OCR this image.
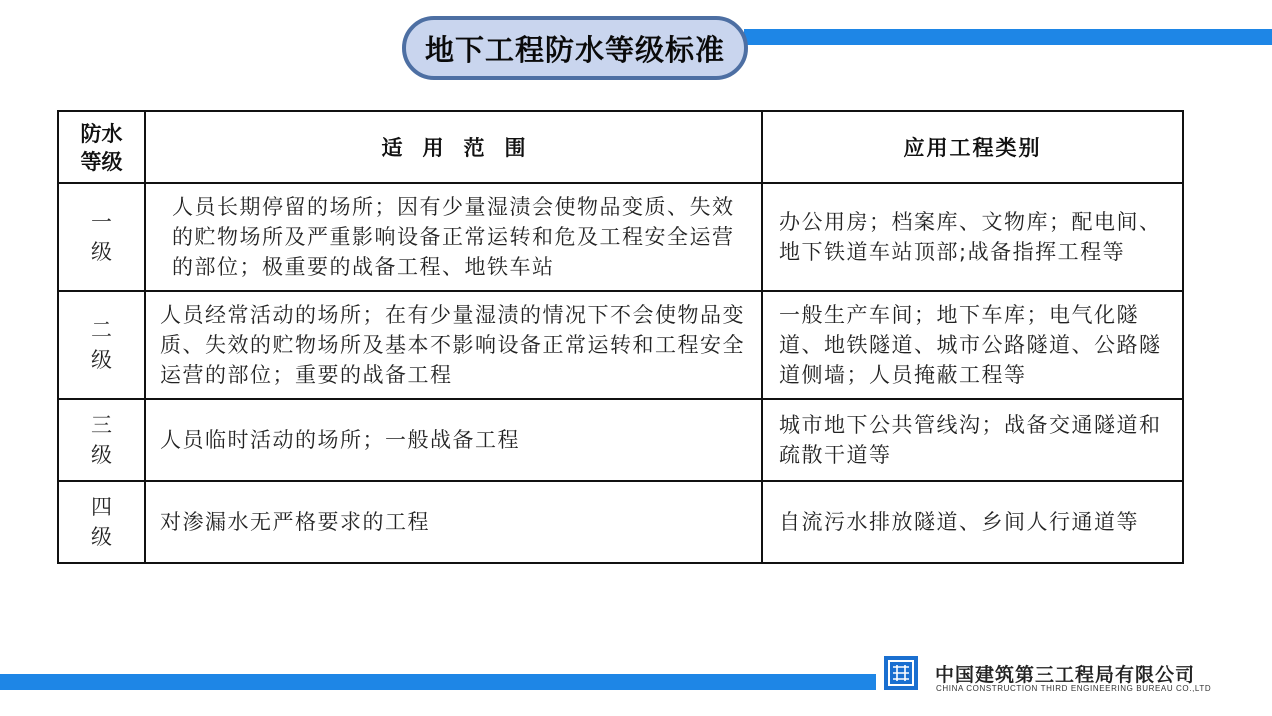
地下工程防水等级标准
防水等级	适用范围	应用工程类别
一级	人员长期停留的场所；因有少量湿渍会使物品变质、失效的贮物场所及严重影响设备正常运转和危及工程安全运营的部位；极重要的战备工程、地铁车站	办公用房；档案库、文物库；配电间、地下铁道车站顶部;战备指挥工程等
二级	人员经常活动的场所；在有少量湿渍的情况下不会使物品变质、失效的贮物场所及基本不影响设备正常运转和工程安全运营的部位；重要的战备工程	一般生产车间；地下车库；电气化隧道、地铁隧道、城市公路隧道、公路隧道侧墙；人员掩蔽工程等
三级	人员临时活动的场所；一般战备工程	城市地下公共管线沟；战备交通隧道和疏散干道等
四级	对渗漏水无严格要求的工程	自流污水排放隧道、乡间人行通道等
中国建筑第三工程局有限公司
CHINA CONSTRUCTION THIRD ENGINEERING BUREAU CO.,LTD
